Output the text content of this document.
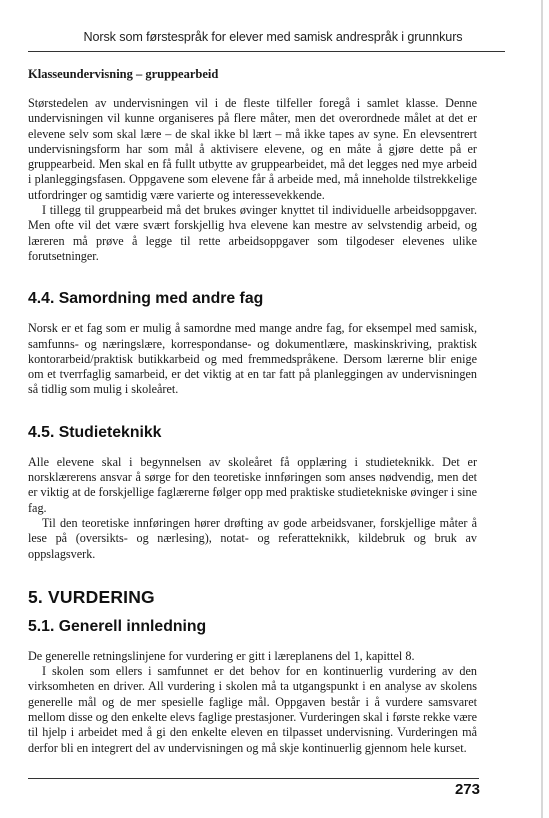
Norsk som førstespråk for elever med samisk andrespråk i grunnkurs
Klasseundervisning – gruppearbeid

Størstedelen av undervisningen vil i de fleste tilfeller foregå i samlet klasse. Denne undervisningen vil kunne organiseres på flere måter, men det overordnede målet at det er elevene selv som skal lære – de skal ikke bl lært – må ikke tapes av syne. En elevsentrert undervisningsform har som mål å aktivisere elevene, og en måte å gjøre dette på er gruppearbeid. Men skal en få fullt utbytte av gruppearbeidet, må det legges ned mye arbeid i planleggingsfasen. Oppgavene som elevene får å arbeide med, må inneholde tilstrekkelige utfordringer og samtidig være varierte og interessevekkende.

I tillegg til gruppearbeid må det brukes øvinger knyttet til individuelle arbeidsoppgaver. Men ofte vil det være svært forskjellig hva elevene kan mestre av selvstendig arbeid, og læreren må prøve å legge til rette arbeidsoppgaver som tilgodeser elevenes ulike forutsetninger.

4.4. Samordning med andre fag

Norsk er et fag som er mulig å samordne med mange andre fag, for eksempel med samisk, samfunns- og næringslære, korrespondanse- og dokumentlære, maskinskriving, praktisk kontorarbeid/praktisk butikkarbeid og med fremmedspråkene. Dersom lærerne blir enige om et tverrfaglig samarbeid, er det viktig at en tar fatt på planleggingen av undervisningen så tidlig som mulig i skoleåret.

4.5. Studieteknikk

Alle elevene skal i begynnelsen av skoleåret få opplæring i studieteknikk. Det er norsklærerens ansvar å sørge for den teoretiske innføringen som anses nødvendig, men det er viktig at de forskjellige faglærerne følger opp med praktiske studietekniske øvinger i sine fag.

Til den teoretiske innføringen hører drøfting av gode arbeidsvaner, forskjellige måter å lese på (oversikts- og nærlesing), notat- og referatteknikk, kildebruk og bruk av oppslagsverk.

5. VURDERING
5.1. Generell innledning

De generelle retningslinjene for vurdering er gitt i læreplanens del 1, kapittel 8.

I skolen som ellers i samfunnet er det behov for en kontinuerlig vurdering av den virksomheten en driver. All vurdering i skolen må ta utgangspunkt i en analyse av skolens generelle mål og de mer spesielle faglige mål. Oppgaven består i å vurdere samsvaret mellom disse og den enkelte elevs faglige prestasjoner. Vurderingen skal i første rekke være til hjelp i arbeidet med å gi den enkelte eleven en tilpasset undervisning. Vurderingen må derfor bli en integrert del av undervisningen og må skje kontinuerlig gjennom hele kurset.

273
